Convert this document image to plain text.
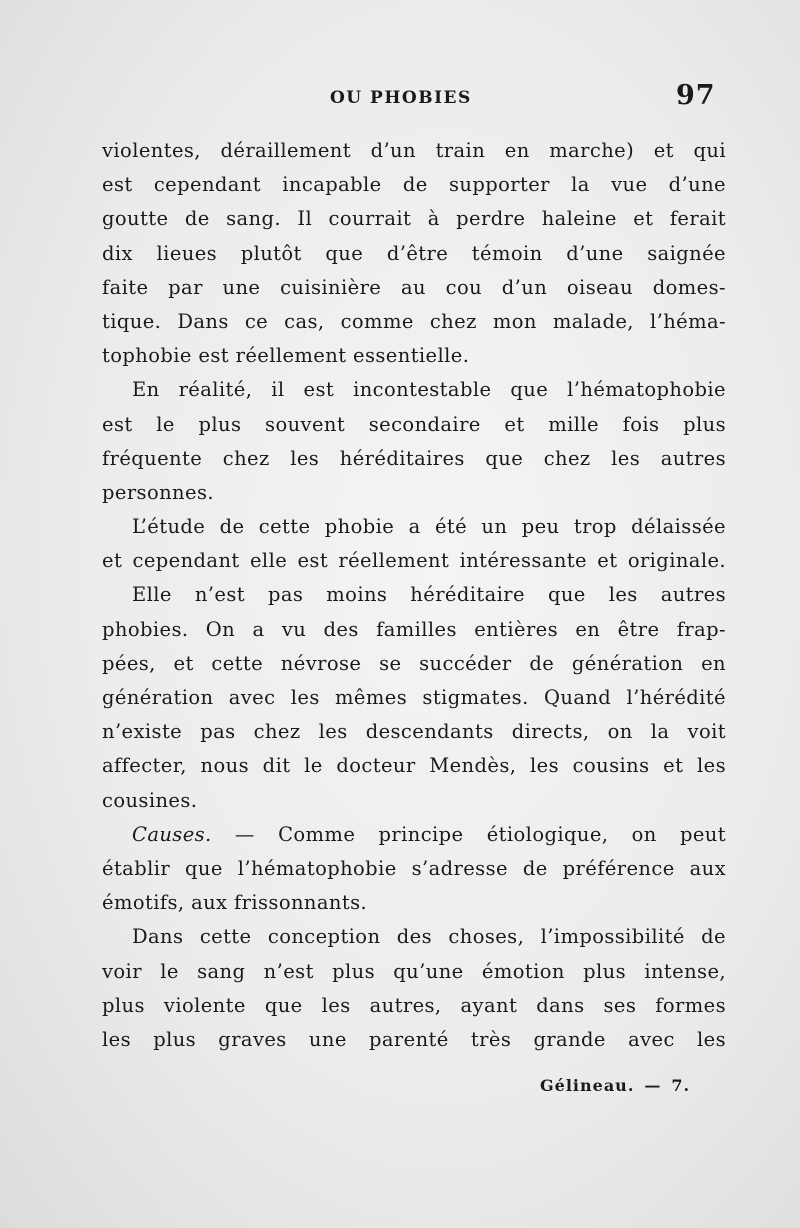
OU PHOBIES	97
violentes, déraillement d’un train en marche) et qui
est cependant incapable de supporter la vue d’une
goutte de sang. Il courrait à perdre haleine et ferait
dix lieues plutôt que d’être témoin d’une saignée
faite par une cuisinière au cou d’un oiseau domes-
tique. Dans ce cas, comme chez mon malade, l’héma-
tophobie est réellement essentielle.
En réalité, il est incontestable que l’hématophobie
est le plus souvent secondaire et mille fois plus
fréquente chez les héréditaires que chez les autres
personnes.
L’étude de cette phobie a été un peu trop délaissée
et cependant elle est réellement intéressante et originale.
Elle n’est pas moins héréditaire que les autres
phobies. On a vu des familles entières en être frap-
pées, et cette névrose se succéder de génération en
génération avec les mêmes stigmates. Quand l’hérédité
n’existe pas chez les descendants directs, on la voit
affecter, nous dit le docteur Mendès, les cousins et les
cousines.
Causes. — Comme principe étiologique, on peut
établir que l’hématophobie s’adresse de préférence aux
émotifs, aux frissonnants.
Dans cette conception des choses, l’impossibilité de
voir le sang n’est plus qu’une émotion plus intense,
plus violente que les autres, ayant dans ses formes
les plus graves une parenté très grande avec les
Gélineau. — 7.
